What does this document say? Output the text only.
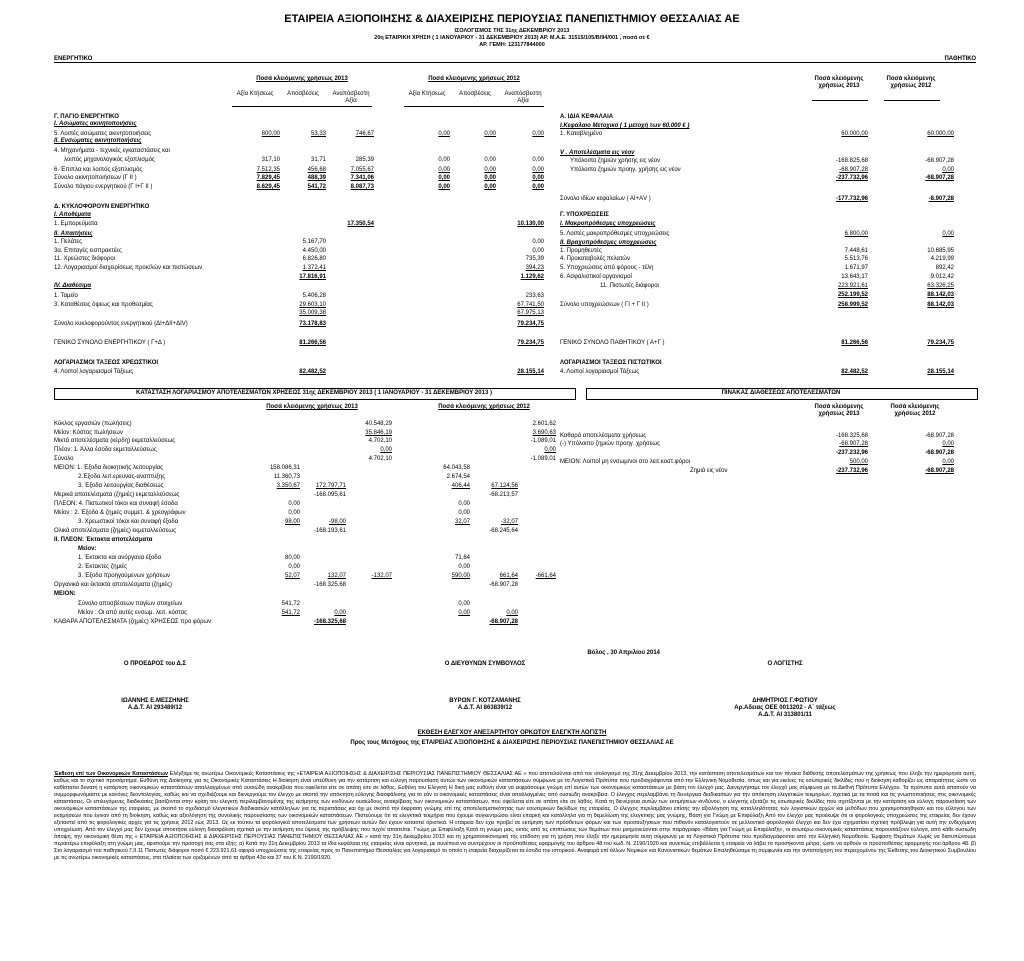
ΕΤΑΙΡΕΙΑ ΑΞΙΟΠΟΙΗΣΗΣ & ΔΙΑΧΕΙΡΙΣΗΣ ΠΕΡΙΟΥΣΙΑΣ ΠΑΝΕΠΙΣΤΗΜΙΟΥ ΘΕΣΣΑΛΙΑΣ ΑΕ
ΙΣΟΛΟΓΙΣΜΟΣ ΤΗΣ 31ης ΔΕΚΕΜΒΡΙΟΥ 2013
20η ΕΤΑΙΡΙΚΗ ΧΡΗΣΗ ( 1 ΙΑΝΟΥΑΡΙΟΥ - 31 ΔΕΚΕΜΒΡΙΟΥ 2013) ΑΡ. Μ.Α.Ε. 31515/105/Β/94/001 , ποσά σε €
ΑΡ. ΓΕΜΗ: 123177844000
ΕΝΕΡΓΗΤΙΚΟ	ΠΑΘΗΤΙΚΟ
Ποσά κλειόμενης χρήσεως 2013	Ποσά κλειόμενης χρήσεως 2012
Αξία Κτήσεως	Αποσβέσεις	Αναπόσβεστη Αξία
Αξία Κτήσεως	Αποσβέσεις	Αναπόσβεστη Αξία
Γ. ΠΑΓΙΟ ΕΝΕΡΓΗΤΙΚΟ
I. Ασώματες ακινητοποιήσεις
5. Λοιπές ασώματες ακινητοποιήσεις	800,00	53,33	746,67	0,00	0,00	0,00
II. Ενσώματες ακινητοποιήσεις
4. Μηχανήματα - τεχνικές εγκαταστάσεις και
λοιπός μηχανολογικός εξοπλισμός	317,10	31,71	285,39	0,00	0,00	0,00
6. Έπιπλα και λοιπός εξοπλισμός	7.512,35	456,68	7.055,67	0,00	0,00	0,00
Σύνολο ακινητοποιήσεων (Γ II )	7.829,45	488,39	7.341,06	0,00	0,00	0,00
Σύνολο πάγιου ενεργητικού (Γ I+Γ II )	8.629,45	541,72	8.087,73	0,00	0,00	0,00
Δ. ΚΥΚΛΟΦΟΡΟΥΝ ΕΝΕΡΓΗΤΙΚΟ
I. Αποθέματα
1. Εμπορεύματα	17.350,54	10.130,00
II. Απαιτήσεις
1. Πελάτες	5.167,70	0,00
3α. Επιταγές εισπρακτέες	4.450,00	0,00
11. Χρεώστες διάφοροι	6.826,80	735,39
12. Λογαριασμοί διαχειρίσεως προκ/λών και πιστώσεων	1.372,41	394,23
17.816,91	1.129,62
IV. Διαθέσιμα
1. Ταμείο	5.406,28	233,63
3. Καταθέσεις όψεως και προθεσμίας	29.603,10	67.741,50
35.009,38	67.975,13
Σύνολο κυκλοφορούντος ενεργητικού (ΔI+ΔII+ΔIV)	73.178,83	79.234,75
ΓΕΝΙΚΟ ΣΥΝΟΛΟ ΕΝΕΡΓΗΤΙΚΟΥ ( Γ+Δ )	81.266,56	79.234,75
ΛΟΓΑΡΙΑΣΜΟΙ ΤΑΞΕΩΣ ΧΡΕΩΣΤΙΚΟΙ
4. Λοιποί λογαριασμοί Τάξεως	82.482,52	28.155,14
Ποσά κλειόμενης χρήσεως 2013
Ποσά κλειόμενης χρήσεως 2012
Α. ΙΔΙΑ ΚΕΦΑΛΑΙΑ
I.Κεφάλαιο Μετοχικό ( 1 μετοχή των 60.000 € )
1. Καταβλημένο	60.000,00	60.000,00
V . Αποτελέσματα εις νέον
Υπόλοιπο ζημιών χρήσης εις νέον	-168.825,68	-68.907,28
Υπόλοιπο ζημιών προηγ. χρήσης εις νέον	-68.907,28	0,00
-237.732,96	-68.907,28
Σύνολο ιδίων κεφαλαίων ( ΑI+ΑV )	-177.732,96	-8.907,28
Γ. ΥΠΟΧΡΕΩΣΕΙΣ
I. Μακροπρόθεσμες υποχρεώσεις
5. Λοιπές μακροπρόθεσμες υποχρεώσεις	6.800,00	0,00
II. Βραχυπρόθεσμες υποχρεώσεις
1. Προμηθευτές	7.448,61	10.685,95
4. Προκαταβολές πελατών	5.513,76	4.219,99
5. Υποχρεώσεις από φόρους - τέλη	1.671,97	892,42
6. Ασφαλιστικοί οργανισμοί	13.643,17	9.012,42
11. Πιστωτές διάφοροι	223.921,61	63.326,25
252.199,52	88.142,03
Σύνολο υποχρεώσεων ( ΓI + Γ II )	258.999,52	88.142,03
ΓΕΝΙΚΟ ΣΥΝΟΛΟ ΠΑΘΗΤΙΚΟΥ ( Α+Γ )	81.266,56	79.234,75
ΛΟΓΑΡΙΑΣΜΟΙ ΤΑΞΕΩΣ ΠΙΣΤΩΤΙΚΟΙ
4. Λοιποί λογαριασμοί Τάξεως	82.482,52	28.155,14
ΚΑΤΑΣΤΑΣΗ ΛΟΓΑΡΙΑΣΜΟΥ ΑΠΟΤΕΛΕΣΜΑΤΩΝ ΧΡΗΣΕΩΣ 31ης ΔΕΚΕΜΒΡΙΟΥ 2013 ( 1 ΙΑΝΟΥΑΡΙΟΥ - 31 ΔΕΚΕΜΒΡΙΟΥ 2013 )
Ποσά κλειόμενης χρήσεως 2013	Ποσά κλειόμενης χρήσεως 2012
Κύκλος εργασιών (πωλήσεις)	40.548,29	2.601,62
Μείον: Κόστος πωλήσεων	35.846,19	3.690,63
Μικτά αποτελέσματα (κέρδη) εκμεταλλεύσεως	4.702,10	-1.089,01
Πλέον: 1. Άλλα έσοδα εκμεταλλεύσεως	0,00	0,00
Σύνολο	4.702,10	-1.089,01
ΜΕΙΟΝ: 1. Έξοδα διοικητικής λειτουργίας	158.086,31	64.043,58
2.Έξοδα λειτ.ερευνας-αναπτυξης	11.360,73	2.674,54
3. Έξοδα λειτουργίας διαθέσεως	3.350,67	172.797,71	406,44	67.124,56
Μερικά αποτελέσματα (ζημιές) εκμεταλλεύσεως	-168.095,61	-68.213,57
ΠΛΕΟΝ: 4. Πιστωτικοί τόκοι και συναφή έσοδα	0,00	0,00
Μείον : 2. Έξοδα & ζημιές συμμετ. & χρεογράφων	0,00	0,00
3. Χρεωστικοί τόκοι και συναφή έξοδα	98,00	-98,00	32,07	-32,07
Ολικά αποτελέσματα (ζημιές) εκμεταλλεύσεως	-168.193,61	-68.245,64
II. ΠΛΕΟΝ: Έκτακτα αποτελέσματα
Μείον:
1. Έκτακτα και ανόργανα έξοδα	80,00	71,64
2. Έκτακτες ζημιές	0,00	0,00
3. Έξοδα προηγούμενων χρήσεων	52,07	132,07	-132,07	590,00	661,64	-661,64
Οργανικά και έκτακτα αποτελέσματα (ζημιές)	-168.325,68	-68.907,28
ΜΕΙΟΝ:
Σύνολο αποσβέσεων παγίων στοιχείων	541,72	0,00
Μείον : Οι από αυτές ενσωμ. λειτ. κόστος	541,72	0,00	0,00	0,00
ΚΑΘΑΡΑ ΑΠΟΤΕΛΕΣΜΑΤΑ (ζημιές) ΧΡΗΣΕΩΣ προ φόρων	-168.325,68	-68.907,28
ΠΙΝΑΚΑΣ ΔΙΑΘΕΣΕΩΣ ΑΠΟΤΕΛΕΣΜΑΤΩΝ
Ποσά κλειόμενης χρήσεως 2013
Ποσά κλειόμενης χρήσεως 2012
Καθαρά αποτελέσματα χρήσεως	-168.325,68	-68.907,28
(-) Υπόλοιπο ζημιών προηγ. χρήσεως	-68.907,28	0,00
-237.232,96	-68.907,28
ΜΕΙΟΝ: Λοιποί μη ενσωμ/νοι στο λειτ.κοστ.φόροι	500,00	0,00
Ζημιά εις νέον	-237.732,96	-68.907,28
Βόλος , 30 Απριλίου 2014
Ο ΠΡΟΕΔΡΟΣ του Δ.Σ
ΙΩΑΝΝΗΣ Ε.ΜΕΣΣΗΝΗΣ
Α.Δ.Τ. ΑΙ 293489/12
Ο ΔΙΕΥΘΥΝΩΝ ΣΥΜΒΟΥΛΟΣ
ΒΥΡΩΝ Γ. ΚΟΤΖΑΜΑΝΗΣ
Α.Δ.Τ. ΑΙ 863839/12
Ο ΛΟΓΙΣΤΗΣ
ΔΗΜΗΤΡΙΟΣ Γ.ΦΩΤΙΟΥ
Αρ.Αδειας ΟΕΕ 0013202 - Α΄ τάξεως
Α.Δ.Τ. ΑΙ 313801/11
ΕΚΘΕΣΗ ΕΛΕΓΧΟΥ ΑΝΕΞΑΡΤΗΤΟΥ ΟΡΚΩΤΟΥ ΕΛΕΓΚΤΗ ΛΟΓΙΣΤΗ
Προς τους Μετόχους της ΕΤΑΙΡΕΙΑΣ ΑΞΙΟΠΟΙΗΣΗΣ & ΔΙΑΧΕΙΡΙΣΗΣ ΠΕΡΙΟΥΣΙΑΣ ΠΑΝΕΠΙΣΤΗΜΙΟΥ ΘΕΣΣΑΛΙΑΣ ΑΕ
Έκθεση επί των Οικονομικών Καταστάσεων Ελέγξαμε τις ανωτέρω Οικονομικές Καταστάσεις της «ΕΤΑΙΡΕΙΑ ΑΞΙΟΠΟΙΗΣΗΣ & ΔΙΑΧΕΙΡΙΣΗΣ ΠΕΡΙΟΥΣΙΑΣ ΠΑΝΕΠΙΣΤΗΜΙΟΥ ΘΕΣΣΑΛΙΑΣ ΑΕ » που αποτελούνται από τον ισολογισμό της 31ης Δεκεμβρίου 2013, την κατάσταση αποτελεσμάτων και τον πίνακα διάθεσης αποτελεσμάτων της χρήσεως που έληξε την ημερομηνία αυτή, καθώς και το σχετικό προσάρτημα. Ευθύνη της Διοίκησης για τις Οικονομικές Καταστάσεις Η διοίκηση είναι υπεύθυνη για την κατάρτιση και εύλογη παρουσίαση αυτών των οικονομικών καταστάσεων σύμφωνα με τα Λογιστικά Πρότυπα που προδιαγράφονται από την Ελληνική Νομοθεσία, όπως και για εκείνες τις εσωτερικές δικλίδες που η διοίκηση καθορίζει ως απαραίτητες ώστε να καθίσταται δυνατή η κατάρτιση οικονομικών καταστάσεων απαλλαγμένων από ουσιώδη ανακρίβεια που οφείλεται είτε σε απάτη είτε σε λάθος. Ευθύνη του Ελεγκτή Η δική μας ευθύνη είναι να εκφράσουμε γνώμη επί αυτών των οικονομικών καταστάσεων με βάση τον έλεγχό μας. Διενεργήσαμε τον έλεγχό μας σύμφωνα με τα Διεθνή Πρότυπα Ελέγχου. Τα πρότυπα αυτά απαιτούν να συμμορφωνόμαστε με κανόνες δεοντολογίας, καθώς και να σχεδιάζουμε και διενεργούμε τον έλεγχο με σκοπό την απόκτηση εύλογης διασφάλισης για το εάν οι οικονομικές καταστάσεις είναι απαλλαγμένες από ουσιώδη ανακρίβεια. Ο έλεγχος περιλαμβάνει τη διενέργεια διαδικασιών για την απόκτηση ελεγκτικών τεκμηρίων, σχετικά με τα ποσά και τις γνωστοποιήσεις στις οικονομικές καταστάσεις. Οι επιλεγόμενες διαδικασίες βασίζονται στην κρίση του ελεγκτή περιλαμβανομένης της εκτίμησης των κινδύνων ουσιώδους ανακρίβειας των οικονομικών καταστάσεων, που οφείλεται είτε σε απάτη είτε σε λάθος. Κατά τη διενέργεια αυτών των εκτιμήσεων κινδύνου, ο ελεγκτής εξετάζει τις εσωτερικές δικλίδες που σχετίζονται με την κατάρτιση και εύλογη παρουσίαση των οικονομικών καταστάσεων της εταιρείας, με σκοπό το σχεδιασμό ελεγκτικών διαδικασιών κατάλληλων για τις περιστάσεις και όχι με σκοπό την έκφραση γνώμης επί της αποτελεσματικότητας των εσωτερικών δικλίδων της εταιρείας. Ο έλεγχος περιλαμβάνει επίσης την αξιολόγηση της καταλληλότητας των λογιστικών αρχών και μεθόδων που χρησιμοποιήθηκαν και του εύλογου των εκτιμήσεων που έγιναν από τη διοίκηση, καθώς και αξιολόγηση της συνολικής παρουσίασης των οικονομικών καταστάσεων. Πιστεύουμε ότι τα ελεγκτικά τεκμήρια που έχουμε συγκεντρώσει είναι επαρκή και κατάλληλα για τη θεμελίωση της ελεγκτικής μας γνώμης. Βάση για Γνώμη με Επιφύλαξη Από τον έλεγχο μας προέκυψε ότι οι φορολογικές υποχρεώσεις της εταιρείας δεν έχουν εξεταστεί από τις φορολογικές αρχές για τις χρήσεις 2012 εώς 2013. Ως εκ τούτου τα φορολογικά αποτελέσματα των χρήσεων αυτών δεν έχουν καταστεί οριστικά. Η εταιρεία δεν έχει προβεί σε εκτίμηση των πρόσθετων φόρων και των προσαυξήσεων που πιθανόν καταλογιστούν σε μελλοντικό φορολογικό έλεγχο και δεν έχει σχηματίσει σχετική πρόβλεψη για αυτή την ενδεχόμενη υποχρέωση. Από τον έλεγχό μας δεν έχουμε αποκτήσει εύλογη διασφάλιση σχετικά με την εκτίμηση του ύψους της πρόβλεψης που τυχόν απαιτείται. Γνώμη με Επιφύλαξη Κατά τη γνώμη μας, εκτός από τις επιπτώσεις των θεμάτων που μνημονεύονται στην παράγραφο «Βάση για Γνώμη με Επιφύλαξη», οι ανωτέρω οικονομικές καταστάσεις παρουσιάζουν εύλογα, από κάθε ουσιώδη άποψη, την οικονομική θέση της « ΕΤΑΙΡΕΙΑ ΑΞΙΟΠΟΙΗΣΗΣ & ΔΙΑΧΕΙΡΙΣΗΣ ΠΕΡΙΟΥΣΙΑΣ ΠΑΝΕΠΙΣΤΗΜΙΟΥ ΘΕΣΣΑΛΙΑΣ ΑΕ » κατά την 31η Δεκεμβρίου 2013 και τη χρηματοοικονομική της επίδοση για τη χρήση που έληξε την ημερομηνία αυτή σύμφωνα με τα Λογιστικά Πρότυπα που προδιαγράφονται από την Ελληνική Νομοθεσία. Έμφαση Θεμάτων Χωρίς να διατυπώνουμε περαιτέρω επιφύλαξη στη γνώμη μας, εφιστούμε την προσοχή σας στα εξής: α) Κατά την 31η Δεκεμβρίου 2013 τα ίδια κεφάλαια της εταιρείας είναι αρνητικά, με συνέπεια να συντρέχουν οι προϋποθέσεις εφαρμογής του άρθρου 48 του κωδ. Ν. 2190/1920 και συνεπώς επιβάλλεται η εταιρεία να λάβει τα προσήκοντα μέτρα, ώστε να αρθούν οι προϋποθέσεις εφαρμογής του άρθρου 48. β) Στο λογαριασμό του παθητικού Γ.II.11 Πιστωτές διάφοροι ποσό € 223.921,61 αφορά υποχρεώσεις της εταιρείας προς το Πανεπιστήμιο Θεσσαλίας για λογαριασμό το οποίο η εταιρεία διαχειρίζεται τα έσοδα του ιστορικού. Αναφορά επί άλλων Νομικών και Κανονιστικών θεμάτων Επαληθεύσαμε τη συμφωνία και την αντιστοίχηση του περιεχομένου της Έκθεσης του Διοικητικού Συμβουλίου με τις ανωτέρω οικονομικές καταστάσεις, στα πλαίσια των οριζομένων από τα άρθρα 43α και 37 του Κ.Ν. 2190/1920.
